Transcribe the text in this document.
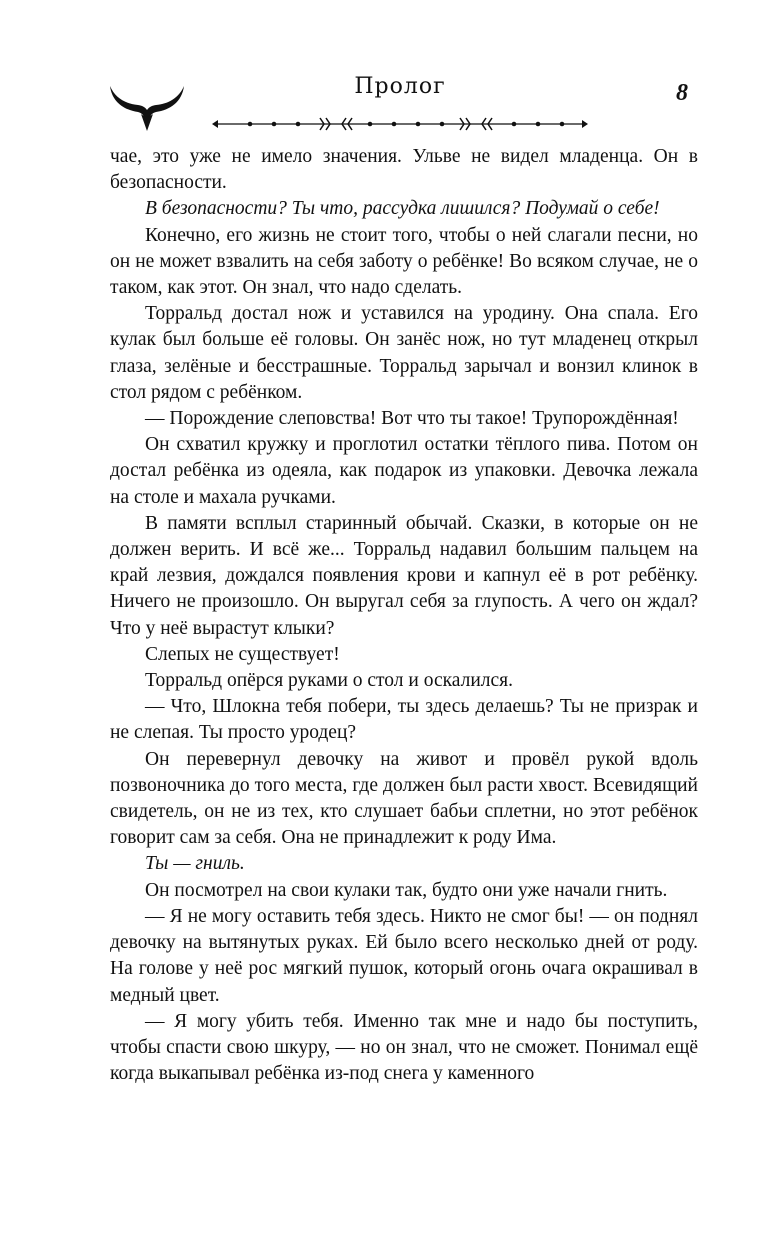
Пролог	8

чае, это уже не имело значения. Ульве не видел младенца. Он в безопасности.

В безопасности? Ты что, рассудка лишился? Подумай о себе!

Конечно, его жизнь не стоит того, чтобы о ней слагали песни, но он не может взвалить на себя заботу о ребёнке! Во всяком случае, не о таком, как этот. Он знал, что надо сделать.

Торральд достал нож и уставился на уродину. Она спала. Его кулак был больше её головы. Он занёс нож, но тут младенец открыл глаза, зелёные и бесстрашные. Торральд зарычал и вонзил клинок в стол рядом с ребёнком.

— Порождение слеповства! Вот что ты такое! Трупорождённая!

Он схватил кружку и проглотил остатки тёплого пива. Потом он достал ребёнка из одеяла, как подарок из упаковки. Девочка лежала на столе и махала ручками.

В памяти всплыл старинный обычай. Сказки, в которые он не должен верить. И всё же... Торральд надавил большим пальцем на край лезвия, дождался появления крови и капнул её в рот ребёнку. Ничего не произошло. Он выругал себя за глупость. А чего он ждал? Что у неё вырастут клыки?

Слепых не существует!

Торральд опёрся руками о стол и оскалился.

— Что, Шлокна тебя побери, ты здесь делаешь? Ты не призрак и не слепая. Ты просто уродец?

Он перевернул девочку на живот и провёл рукой вдоль позвоночника до того места, где должен был расти хвост. Всевидящий свидетель, он не из тех, кто слушает бабьи сплетни, но этот ребёнок говорит сам за себя. Она не принадлежит к роду Има.

Ты — гниль.

Он посмотрел на свои кулаки так, будто они уже начали гнить.

— Я не могу оставить тебя здесь. Никто не смог бы! — он поднял девочку на вытянутых руках. Ей было всего несколько дней от роду. На голове у неё рос мягкий пушок, который огонь очага окрашивал в медный цвет.

— Я могу убить тебя. Именно так мне и надо бы поступить, чтобы спасти свою шкуру, — но он знал, что не сможет. Понимал ещё когда выкапывал ребёнка из-под снега у каменного
